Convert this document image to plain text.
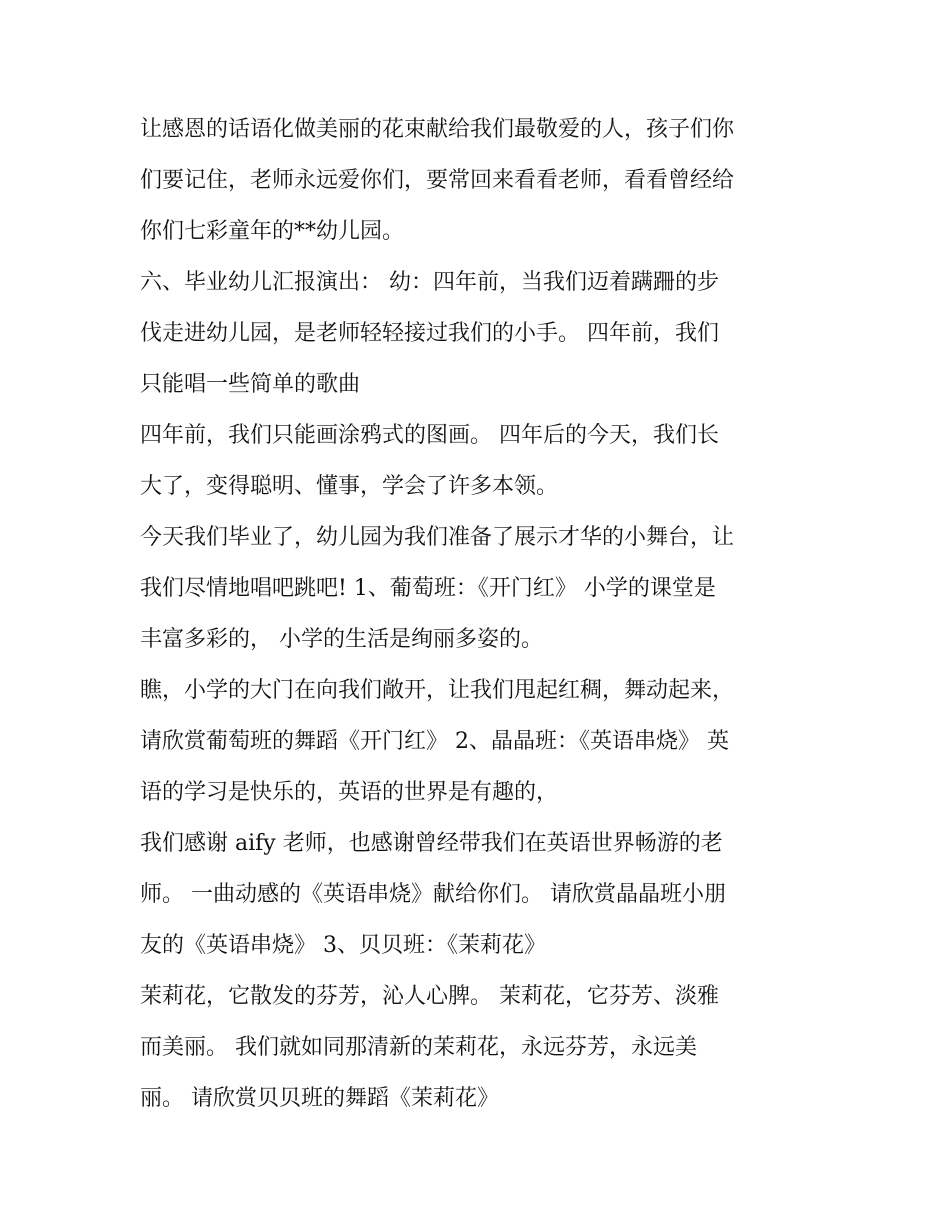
让感恩的话语化做美丽的花束献给我们最敬爱的人，孩子们你
们要记住，老师永远爱你们，要常回来看看老师，看看曾经给
你们七彩童年的**幼儿园。
六、毕业幼儿汇报演出： 幼：四年前，当我们迈着蹒跚的步
伐走进幼儿园，是老师轻轻接过我们的小手。 四年前，我们
只能唱一些简单的歌曲
四年前，我们只能画涂鸦式的图画。 四年后的今天，我们长
大了，变得聪明、懂事，学会了许多本领。
今天我们毕业了，幼儿园为我们准备了展示才华的小舞台，让
我们尽情地唱吧跳吧! 1、葡萄班：《开门红》 小学的课堂是
丰富多彩的， 小学的生活是绚丽多姿的。
瞧，小学的大门在向我们敞开，让我们甩起红稠，舞动起来，
请欣赏葡萄班的舞蹈《开门红》 2、晶晶班：《英语串烧》 英
语的学习是快乐的，英语的世界是有趣的，
我们感谢 aify 老师，也感谢曾经带我们在英语世界畅游的老
师。 一曲动感的《英语串烧》献给你们。 请欣赏晶晶班小朋
友的《英语串烧》 3、贝贝班：《茉莉花》
茉莉花，它散发的芬芳，沁人心脾。 茉莉花，它芬芳、淡雅
而美丽。 我们就如同那清新的茉莉花，永远芬芳，永远美
丽。 请欣赏贝贝班的舞蹈《茉莉花》
